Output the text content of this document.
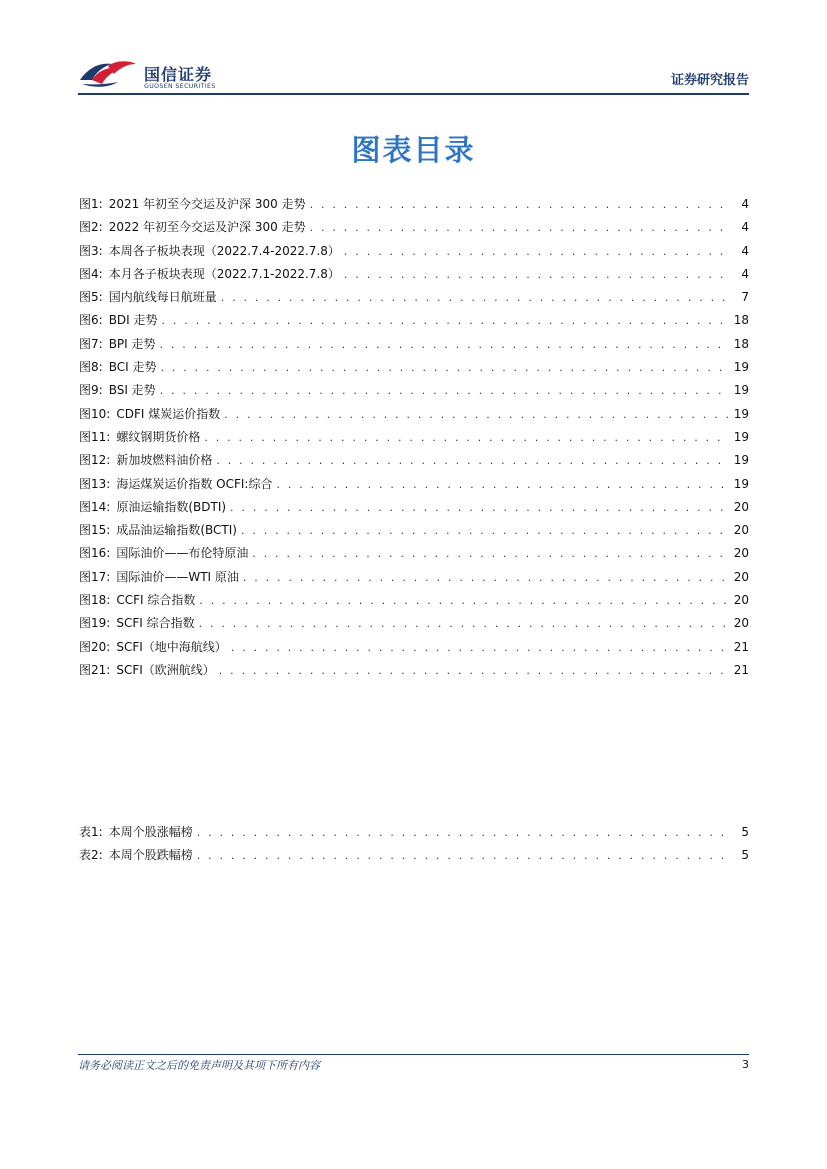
国信证券
GUOSEN SECURITIES	证券研究报告
图表目录
图1: 2021 年初至今交运及沪深 300 走势 . . .	4
图2: 2022 年初至今交运及沪深 300 走势 . . .	4
图3: 本周各子板块表现（2022.7.4-2022.7.8） . . .	4
图4: 本月各子板块表现（2022.7.1-2022.7.8） . . .	4
图5: 国内航线每日航班量 . . .	7
图6: BDI 走势 . . .	18
图7: BPI 走势 . . .	18
图8: BCI 走势 . . .	19
图9: BSI 走势 . . .	19
图10: CDFI 煤炭运价指数 . . .	19
图11: 螺纹钢期货价格 . . .	19
图12: 新加坡燃料油价格 . . .	19
图13: 海运煤炭运价指数 OCFI:综合 . . .	19
图14: 原油运输指数(BDTI) . . .	20
图15: 成品油运输指数(BCTI) . . .	20
图16: 国际油价——布伦特原油 . . .	20
图17: 国际油价——WTI 原油 . . .	20
图18: CCFI 综合指数 . . .	20
图19: SCFI 综合指数 . . .	20
图20: SCFI（地中海航线） . . .	21
图21: SCFI（欧洲航线） . . .	21
表1: 本周个股涨幅榜 . . .	5
表2: 本周个股跌幅榜 . . .	5
请务必阅读正文之后的免责声明及其项下所有内容	3
